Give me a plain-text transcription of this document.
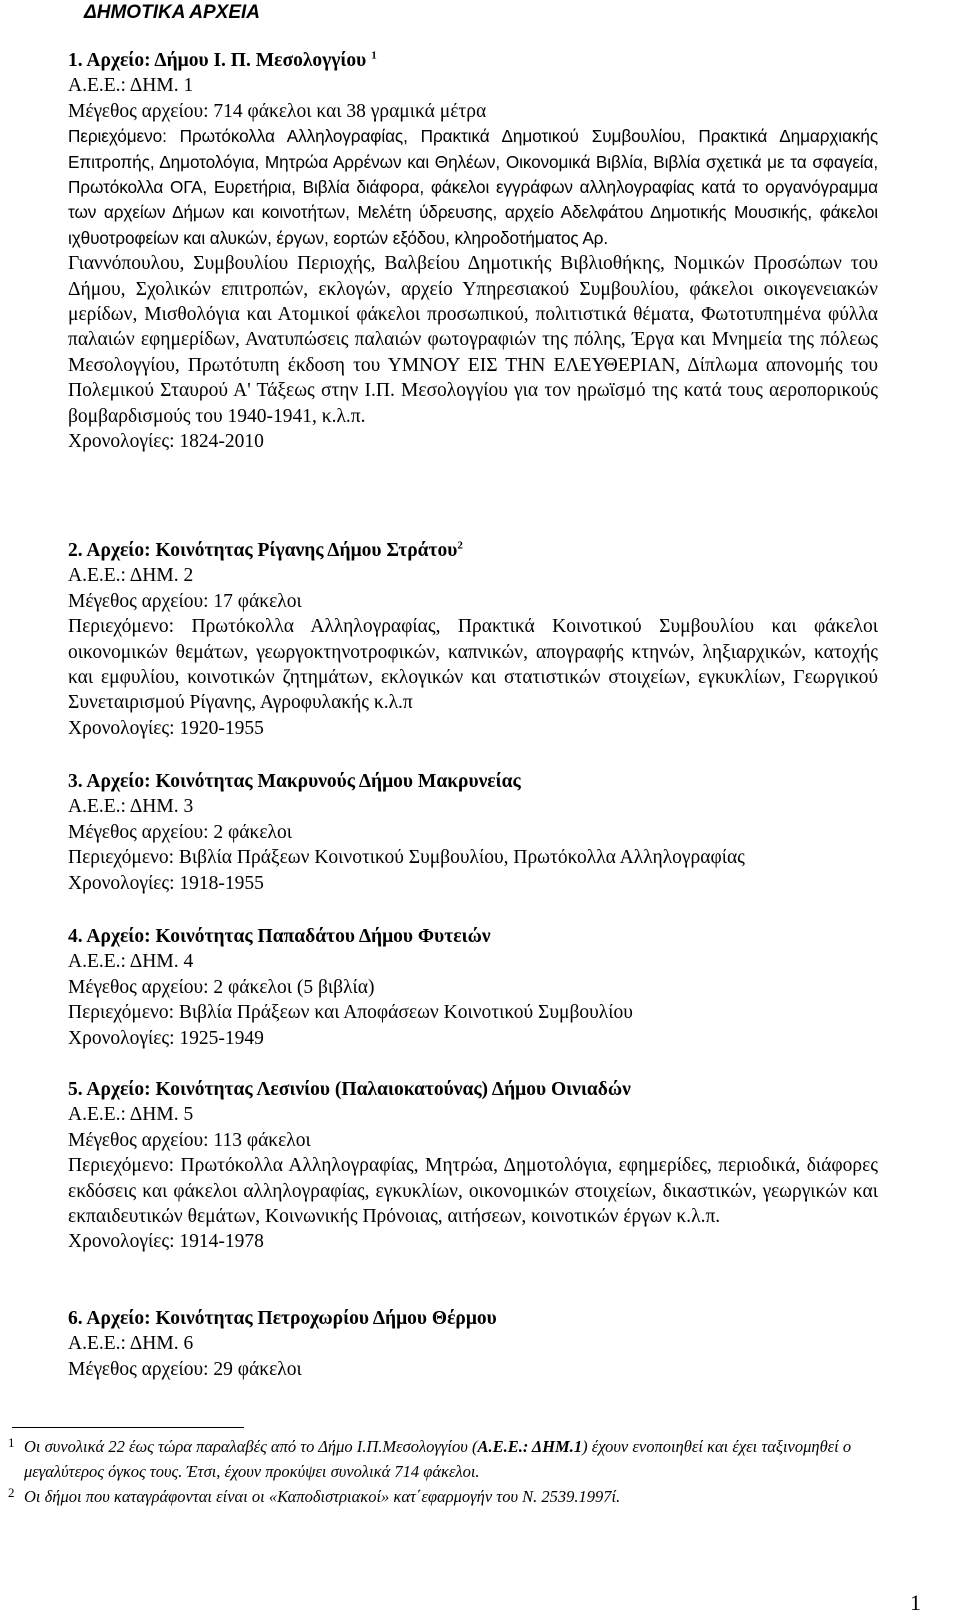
ΔΗΜΟΤΙΚΑ ΑΡΧΕΙΑ

1. Αρχείο: Δήμου Ι. Π. Μεσολογγίου $^1$

Α.Ε.Ε.: ΔΗΜ. 1

Μέγεθος αρχείου: 714 φάκελοι και 38 γραμικά μέτρα

Περιεχόμενο: Πρωτόκολλα Αλληλογραφίας, Πρακτικά Δημοτικού Συμβουλίου, Πρακτικά Δημαρχιακής Επιτροπής, Δημοτολόγια, Μητρώα Αρρένων και Θηλέων, Οικονομικά Βιβλία, Βιβλία σχετικά με τα σφαγεία, Πρωτόκολλα ΟΓΑ, Ευρετήρια, Βιβλία διάφορα, φάκελοι εγγράφων αλληλογραφίας κατά το οργανόγραμμα των αρχείων Δήμων και κοινοτήτων, Μελέτη ύδρευσης, αρχείο Αδελφάτου Δημοτικής Μουσικής, φάκελοι ιχθυοτροφείων και αλυκών, έργων, εορτών εξόδου, κληροδοτήματος Αρ.

Γιαννόπουλου, Συμβουλίου Περιοχής, Βαλβείου Δημοτικής Βιβλιοθήκης, Νομικών Προσώπων του Δήμου, Σχολικών επιτροπών, εκλογών, αρχείο Υπηρεσιακού Συμβουλίου, φάκελοι οικογενειακών μερίδων, Μισθολόγια και Ατομικοί φάκελοι προσωπικού, πολιτιστικά θέματα, Φωτοτυπημένα φύλλα παλαιών εφημερίδων, Ανατυπώσεις παλαιών φωτογραφιών της πόλης, Έργα και Μνημεία της πόλεως Μεσολογγίου, Πρωτότυπη έκδοση του ΥΜΝΟΥ ΕΙΣ ΤΗΝ ΕΛΕΥΘΕΡΙΑΝ, Δίπλωμα απονομής του Πολεμικού Σταυρού Α' Τάξεως στην Ι.Π. Μεσολογγίου για τον ηρωϊσμό της κατά τους αεροπορικούς βομβαρδισμούς του 1940-1941, κ.λ.π.

Χρονολογίες: 1824-2010

2. Αρχείο: Κοινότητας Ρίγανης Δήμου Στράτου$^2$

Α.Ε.Ε.: ΔΗΜ. 2

Μέγεθος αρχείου: 17 φάκελοι

Περιεχόμενο: Πρωτόκολλα Αλληλογραφίας, Πρακτικά Κοινοτικού Συμβουλίου και φάκελοι οικονομικών θεμάτων, γεωργοκτηνοτροφικών, καπνικών, απογραφής κτηνών, ληξιαρχικών, κατοχής και εμφυλίου, κοινοτικών ζητημάτων, εκλογικών και στατιστικών στοιχείων, εγκυκλίων, Γεωργικού Συνεταιρισμού Ρίγανης, Αγροφυλακής κ.λ.π

Χρονολογίες: 1920-1955

3. Αρχείο: Κοινότητας Μακρυνούς Δήμου Μακρυνείας

Α.Ε.Ε.: ΔΗΜ. 3

Μέγεθος αρχείου: 2 φάκελοι

Περιεχόμενο: Βιβλία Πράξεων Κοινοτικού Συμβουλίου, Πρωτόκολλα Αλληλογραφίας

Χρονολογίες: 1918-1955

4. Αρχείο: Κοινότητας Παπαδάτου Δήμου Φυτειών

Α.Ε.Ε.: ΔΗΜ. 4

Μέγεθος αρχείου: 2 φάκελοι (5 βιβλία)

Περιεχόμενο: Βιβλία Πράξεων και Αποφάσεων Κοινοτικού Συμβουλίου

Χρονολογίες: 1925-1949

5. Αρχείο: Κοινότητας Λεσινίου (Παλαιοκατούνας) Δήμου Οινιαδών

Α.Ε.Ε.: ΔΗΜ. 5

Μέγεθος αρχείου: 113 φάκελοι

Περιεχόμενο: Πρωτόκολλα Αλληλογραφίας, Μητρώα, Δημοτολόγια, εφημερίδες, περιοδικά, διάφορες εκδόσεις και φάκελοι αλληλογραφίας, εγκυκλίων, οικονομικών στοιχείων, δικαστικών, γεωργικών και εκπαιδευτικών θεμάτων, Κοινωνικής Πρόνοιας, αιτήσεων, κοινοτικών έργων κ.λ.π.

Χρονολογίες: 1914-1978

6. Αρχείο: Κοινότητας Πετροχωρίου Δήμου Θέρμου

Α.Ε.Ε.: ΔΗΜ. 6

Μέγεθος αρχείου: 29 φάκελοι

1 Οι συνολικά 22 έως τώρα παραλαβές από το Δήμο Ι.Π.Μεσολογγίου (Α.Ε.Ε.: ΔΗΜ.1) έχουν ενοποιηθεί και έχει ταξινομηθεί ο μεγαλύτερος όγκος τους. Έτσι, έχουν προκύψει συνολικά 714 φάκελοι.
2 Οι δήμοι που καταγράφονται είναι οι «Καποδιστριακοί» κατ΄εφαρμογήν του Ν. 2539.1997ί.
1
